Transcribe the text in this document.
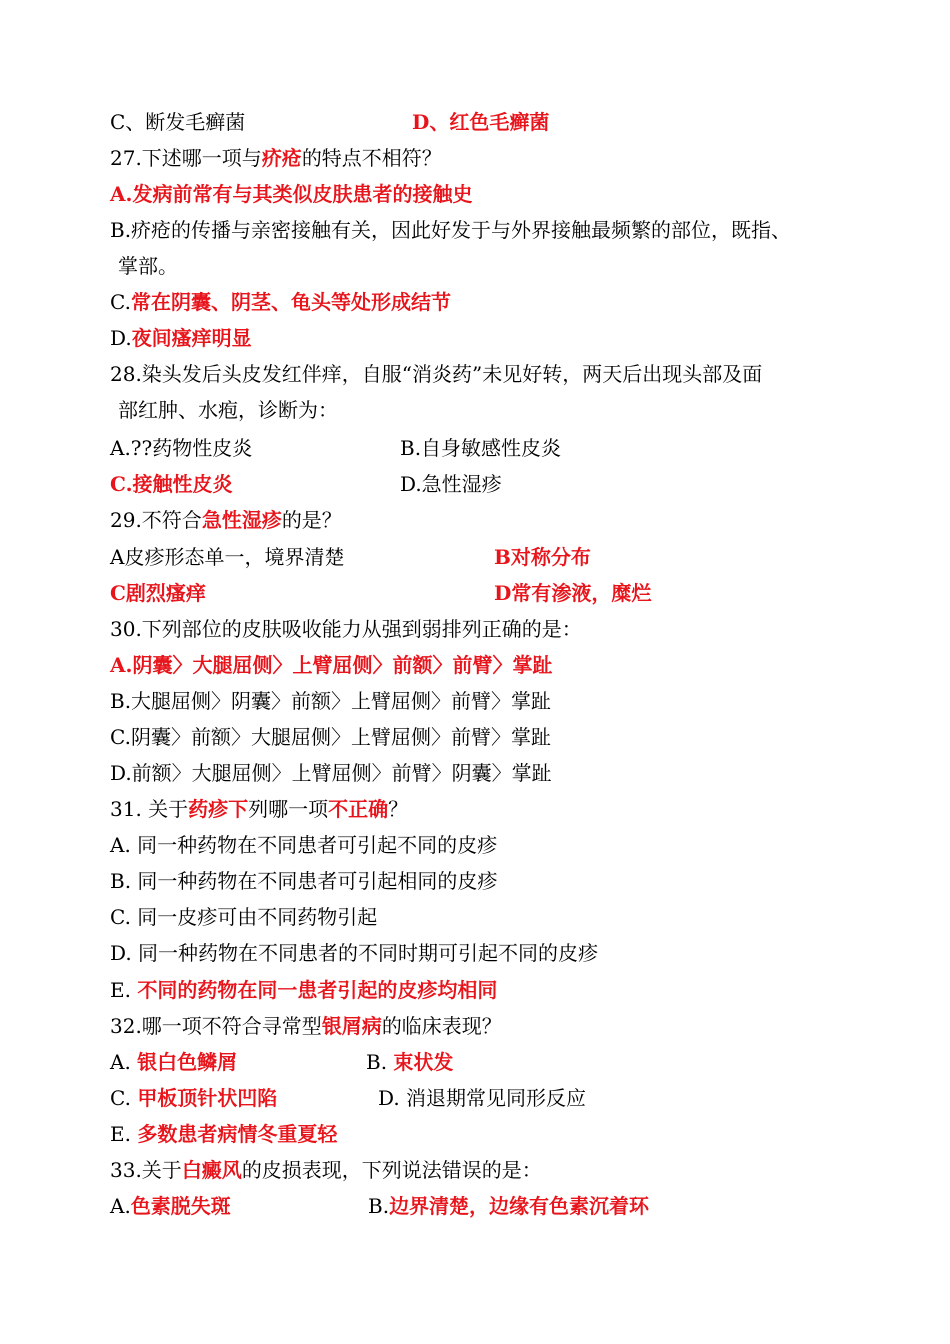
C、断发毛癣菌	D、红色毛癣菌
27.下述哪一项与疥疮的特点不相符？
A.发病前常有与其类似皮肤患者的接触史
B.疥疮的传播与亲密接触有关，因此好发于与外界接触最频繁的部位，既指、
掌部。
C.常在阴囊、阴茎、龟头等处形成结节
D.夜间瘙痒明显
28.染头发后头皮发红伴痒，自服“消炎药”未见好转，两天后出现头部及面
部红肿、水疱，诊断为：
A.??药物性皮炎	B.自身敏感性皮炎
C.接触性皮炎	D.急性湿疹
29.不符合急性湿疹的是？
A皮疹形态单一，境界清楚	B对称分布
C剧烈瘙痒	D常有渗液，糜烂
30.下列部位的皮肤吸收能力从强到弱排列正确的是：
A.阴囊〉大腿屈侧〉上臂屈侧〉前额〉前臂〉掌趾
B.大腿屈侧〉阴囊〉前额〉上臂屈侧〉前臂〉掌趾
C.阴囊〉前额〉大腿屈侧〉上臂屈侧〉前臂〉掌趾
D.前额〉大腿屈侧〉上臂屈侧〉前臂〉阴囊〉掌趾
31. 关于药疹下列哪一项不正确？
A. 同一种药物在不同患者可引起不同的皮疹
B. 同一种药物在不同患者可引起相同的皮疹
C. 同一皮疹可由不同药物引起
D. 同一种药物在不同患者的不同时期可引起不同的皮疹
E. 不同的药物在同一患者引起的皮疹均相同
32.哪一项不符合寻常型银屑病的临床表现？
A. 银白色鳞屑	B. 束状发
C. 甲板顶针状凹陷	D. 消退期常见同形反应
E. 多数患者病情冬重夏轻
33.关于白癜风的皮损表现，下列说法错误的是：
A.色素脱失斑	B.边界清楚，边缘有色素沉着环
